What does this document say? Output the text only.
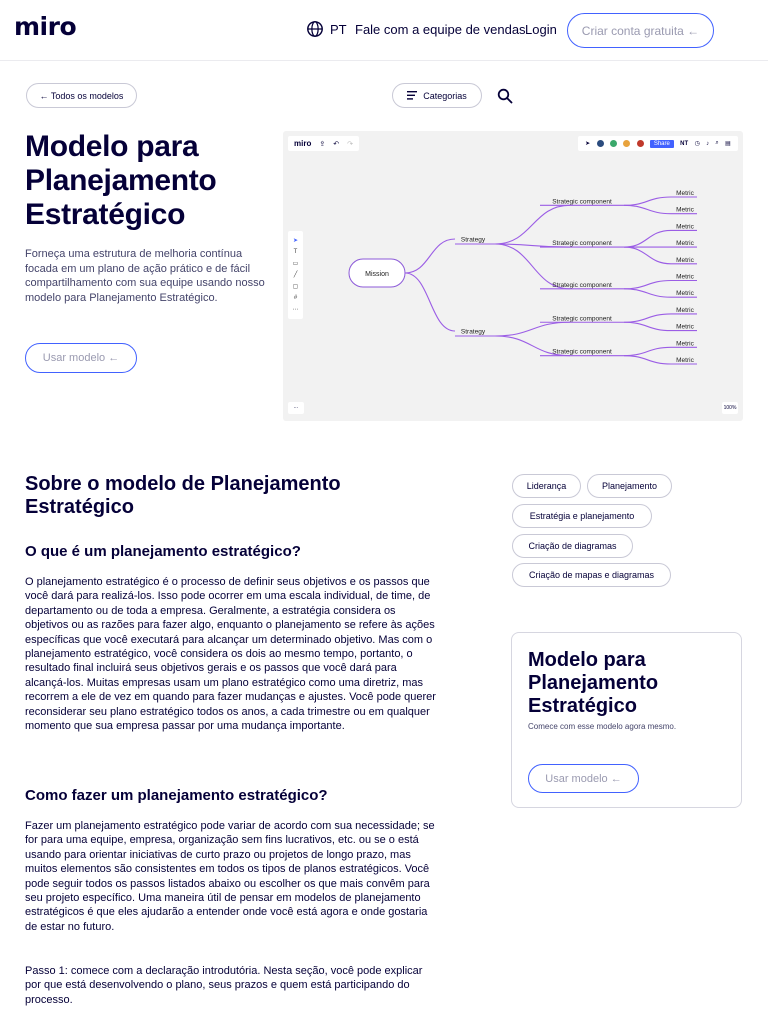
miro	PT Fale com a equipe de vendas Login	Criar conta gratuita ←
← Todos os modelos	Categorias
Modelo para Planejamento Estratégico

Forneça uma estrutura de melhoria contínua focada em um plano de ação prático e de fácil compartilhamento com sua equipe usando nosso modelo para Planejamento Estratégico.

Usar modelo ←
Mission
Strategy
Strategic component
Metric
Metric
Strategic component
Metric
Metric
Metric
Strategic component
Metric
Metric
Strategy
Strategic component
Metric
Metric
Strategic component
Metric
Metric
miro ⇪ ↶ ↷	➤	Share	NT ◷ ♪ ⌕ ▤
➤
T
▭
╱
▢
#
⋯
⋯	100%
Sobre o modelo de Planejamento Estratégico
O que é um planejamento estratégico?

O planejamento estratégico é o processo de definir seus objetivos e os passos que você dará para realizá-los. Isso pode ocorrer em uma escala individual, de time, de departamento ou de toda a empresa. Geralmente, a estratégia considera os objetivos ou as razões para fazer algo, enquanto o planejamento se refere às ações específicas que você executará para alcançar um determinado objetivo. Mas com o planejamento estratégico, você considera os dois ao mesmo tempo, portanto, o resultado final incluirá seus objetivos gerais e os passos que você dará para alcançá-los. Muitas empresas usam um plano estratégico como uma diretriz, mas recorrem a ele de vez em quando para fazer mudanças e ajustes. Você pode querer reconsiderar seu plano estratégico todos os anos, a cada trimestre ou em qualquer momento que sua empresa passar por uma mudança importante.

Como fazer um planejamento estratégico?

Fazer um planejamento estratégico pode variar de acordo com sua necessidade; se for para uma equipe, empresa, organização sem fins lucrativos, etc. ou se o está usando para orientar iniciativas de curto prazo ou projetos de longo prazo, mas muitos elementos são consistentes em todos os tipos de planos estratégicos. Você pode seguir todos os passos listados abaixo ou escolher os que mais convêm para seu projeto específico. Uma maneira útil de pensar em modelos de planejamento estratégicos é que eles ajudarão a entender onde você está agora e onde gostaria de estar no futuro.

Passo 1: comece com a declaração introdutória. Nesta seção, você pode explicar por que está desenvolvendo o plano, seus prazos e quem está participando do processo.

Liderança	Planejamento
Estratégia e planejamento
Criação de diagramas
Criação de mapas e diagramas
Modelo para Planejamento Estratégico
Comece com esse modelo agora mesmo.
Usar modelo ←
